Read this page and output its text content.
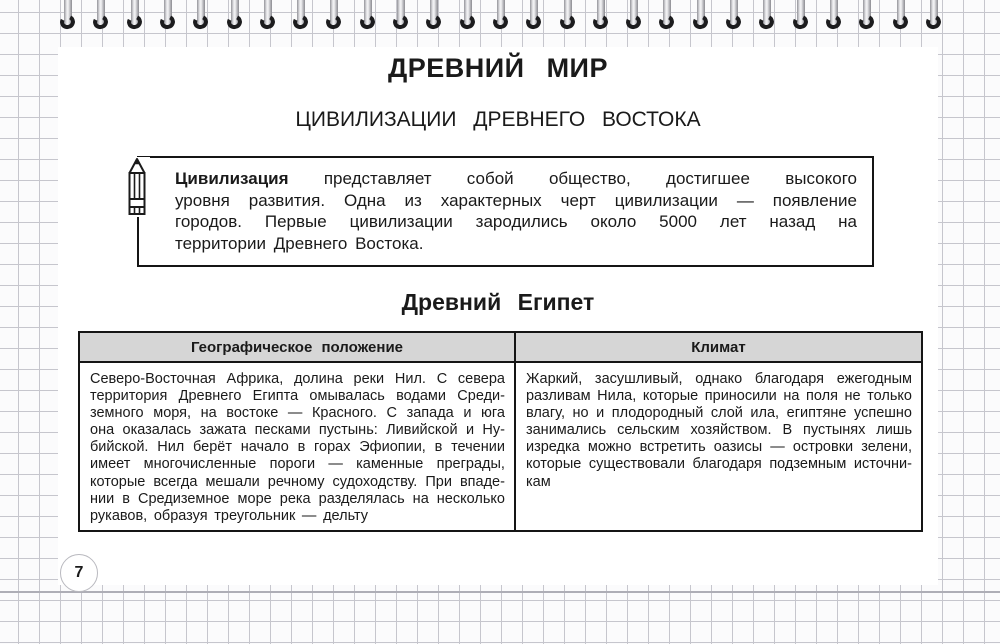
ДРЕВНИЙ МИР
ЦИВИЛИЗАЦИИ ДРЕВНЕГО ВОСТОКА
Цивилизация представляет собой общество, достигшее высокого
уровня развития. Одна из характерных черт цивилизации — появление
городов. Первые цивилизации зародились около 5000 лет назад на
территории Древнего Востока.
Древний Египет
Географическое положение	Климат
Северо-Восточная Африка, долина реки Нил. С севера
территория Древнего Египта омывалась водами Среди-
земного моря, на востоке — Красного. С запада и юга
она оказалась зажата песками пустынь: Ливийской и Ну-
бийской. Нил берёт начало в горах Эфиопии, в течении
имеет многочисленные пороги — каменные преграды,
которые всегда мешали речному судоходству. При впаде-
нии в Средиземное море река разделялась на несколько
рукавов, образуя треугольник — дельту
Жаркий, засушливый, однако благодаря ежегодным
разливам Нила, которые приносили на поля не только
влагу, но и плодородный слой ила, египтяне успешно
занимались сельским хозяйством. В пустынях лишь
изредка можно встретить оазисы — островки зелени,
которые существовали благодаря подземным источни-
кам
7
